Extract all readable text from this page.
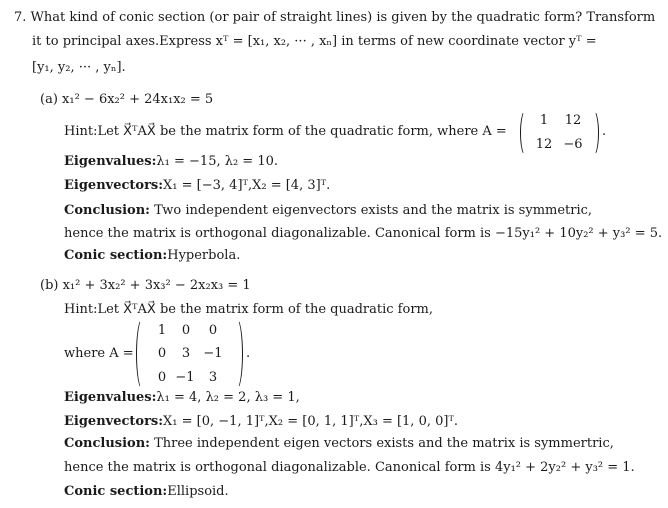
7. What kind of conic section (or pair of straight lines) is given by the quadratic form? Transform
it to principal axes.Express xᵀ = [x₁, x₂, ··· , xₙ] in terms of new coordinate vector yᵀ =
[y₁, y₂, ··· , yₙ].
(a) x₁² − 6x₂² + 24x₁x₂ = 5
Hint:Let X⃗ᵀAX⃗ be the matrix form of the quadratic form, where A =
1	12
12 −6
.
Eigenvalues:λ₁ = −15, λ₂ = 10.
Eigenvectors:X₁ = [−3, 4]ᵀ,X₂ = [4, 3]ᵀ.
Conclusion: Two independent eigenvectors exists and the matrix is symmetric,
hence the matrix is orthogonal diagonalizable. Canonical form is −15y₁² + 10y₂² + y₃² = 5.
Conic section:Hyperbola.
(b) x₁² + 3x₂² + 3x₃² − 2x₂x₃ = 1
Hint:Let X⃗ᵀAX⃗ be the matrix form of the quadratic form,
where A =
1	0	0
0	3	−1
0 −1	3
.
Eigenvalues:λ₁ = 4, λ₂ = 2, λ₃ = 1,
Eigenvectors:X₁ = [0, −1, 1]ᵀ,X₂ = [0, 1, 1]ᵀ,X₃ = [1, 0, 0]ᵀ.
Conclusion: Three independent eigen vectors exists and the matrix is symmertric,
hence the matrix is orthogonal diagonalizable. Canonical form is 4y₁² + 2y₂² + y₃² = 1.
Conic section:Ellipsoid.
